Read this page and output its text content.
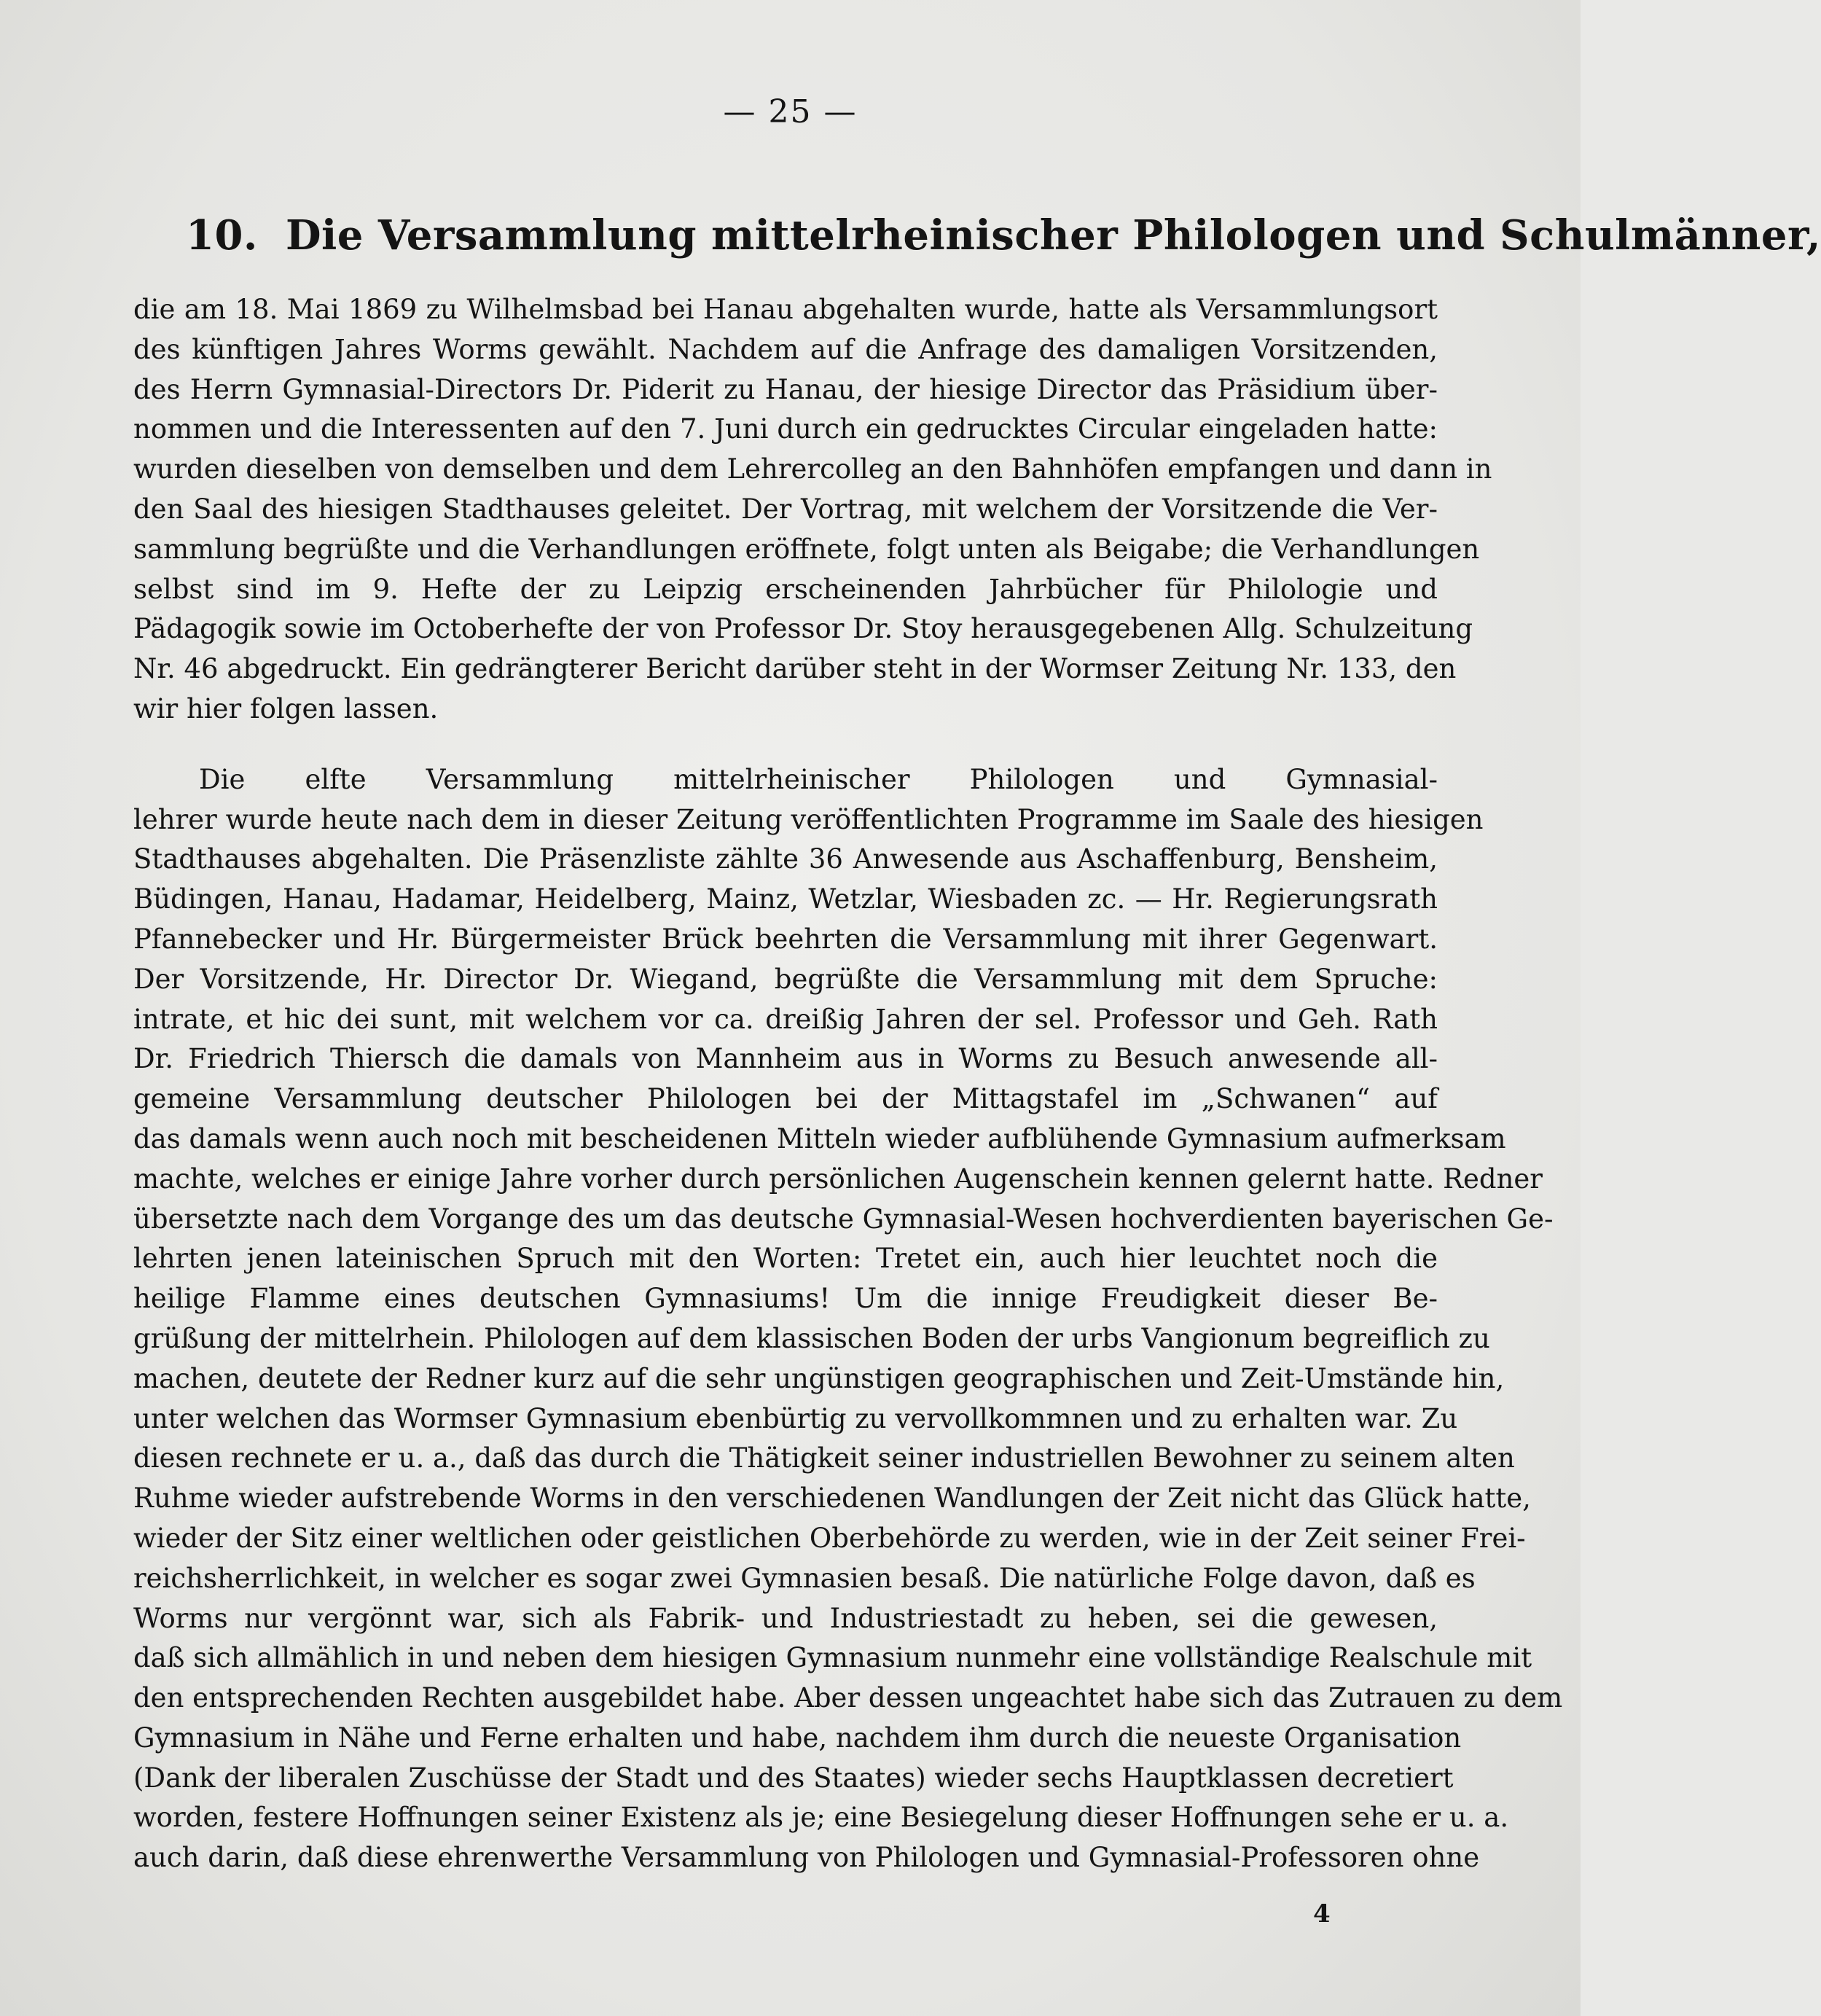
— 25 —
10. Die Versammlung mittelrheinischer Philologen und Schulmänner,
die am 18. Mai 1869 zu Wilhelmsbad bei Hanau abgehalten wurde, hatte als Versammlungsort
des künftigen Jahres Worms gewählt. Nachdem auf die Anfrage des damaligen Vorsitzenden,
des Herrn Gymnasial-Directors Dr. Piderit zu Hanau, der hiesige Director das Präsidium über-
nommen und die Interessenten auf den 7. Juni durch ein gedrucktes Circular eingeladen hatte:
wurden dieselben von demselben und dem Lehrercolleg an den Bahnhöfen empfangen und dann in
den Saal des hiesigen Stadthauses geleitet. Der Vortrag, mit welchem der Vorsitzende die Ver-
sammlung begrüßte und die Verhandlungen eröffnete, folgt unten als Beigabe; die Verhandlungen
selbst sind im 9. Hefte der zu Leipzig erscheinenden Jahrbücher für Philologie und
Pädagogik sowie im Octoberhefte der von Professor Dr. Stoy herausgegebenen Allg. Schulzeitung
Nr. 46 abgedruckt. Ein gedrängterer Bericht darüber steht in der Wormser Zeitung Nr. 133, den
wir hier folgen lassen.
Die elfte Versammlung mittelrheinischer Philologen und Gymnasial-
lehrer wurde heute nach dem in dieser Zeitung veröffentlichten Programme im Saale des hiesigen
Stadthauses abgehalten. Die Präsenzliste zählte 36 Anwesende aus Aschaffenburg, Bensheim,
Büdingen, Hanau, Hadamar, Heidelberg, Mainz, Wetzlar, Wiesbaden zc. — Hr. Regierungsrath
Pfannebecker und Hr. Bürgermeister Brück beehrten die Versammlung mit ihrer Gegenwart.
Der Vorsitzende, Hr. Director Dr. Wiegand, begrüßte die Versammlung mit dem Spruche:
intrate, et hic dei sunt, mit welchem vor ca. dreißig Jahren der sel. Professor und Geh. Rath
Dr. Friedrich Thiersch die damals von Mannheim aus in Worms zu Besuch anwesende all-
gemeine Versammlung deutscher Philologen bei der Mittagstafel im „Schwanen“ auf
das damals wenn auch noch mit bescheidenen Mitteln wieder aufblühende Gymnasium aufmerksam
machte, welches er einige Jahre vorher durch persönlichen Augenschein kennen gelernt hatte. Redner
übersetzte nach dem Vorgange des um das deutsche Gymnasial-Wesen hochverdienten bayerischen Ge-
lehrten jenen lateinischen Spruch mit den Worten: Tretet ein, auch hier leuchtet noch die
heilige Flamme eines deutschen Gymnasiums! Um die innige Freudigkeit dieser Be-
grüßung der mittelrhein. Philologen auf dem klassischen Boden der urbs Vangionum begreiflich zu
machen, deutete der Redner kurz auf die sehr ungünstigen geographischen und Zeit-Umstände hin,
unter welchen das Wormser Gymnasium ebenbürtig zu vervollkommnen und zu erhalten war. Zu
diesen rechnete er u. a., daß das durch die Thätigkeit seiner industriellen Bewohner zu seinem alten
Ruhme wieder aufstrebende Worms in den verschiedenen Wandlungen der Zeit nicht das Glück hatte,
wieder der Sitz einer weltlichen oder geistlichen Oberbehörde zu werden, wie in der Zeit seiner Frei-
reichsherrlichkeit, in welcher es sogar zwei Gymnasien besaß. Die natürliche Folge davon, daß es
Worms nur vergönnt war, sich als Fabrik- und Industriestadt zu heben, sei die gewesen,
daß sich allmählich in und neben dem hiesigen Gymnasium nunmehr eine vollständige Realschule mit
den entsprechenden Rechten ausgebildet habe. Aber dessen ungeachtet habe sich das Zutrauen zu dem
Gymnasium in Nähe und Ferne erhalten und habe, nachdem ihm durch die neueste Organisation
(Dank der liberalen Zuschüsse der Stadt und des Staates) wieder sechs Hauptklassen decretiert
worden, festere Hoffnungen seiner Existenz als je; eine Besiegelung dieser Hoffnungen sehe er u. a.
auch darin, daß diese ehrenwerthe Versammlung von Philologen und Gymnasial-Professoren ohne
4
